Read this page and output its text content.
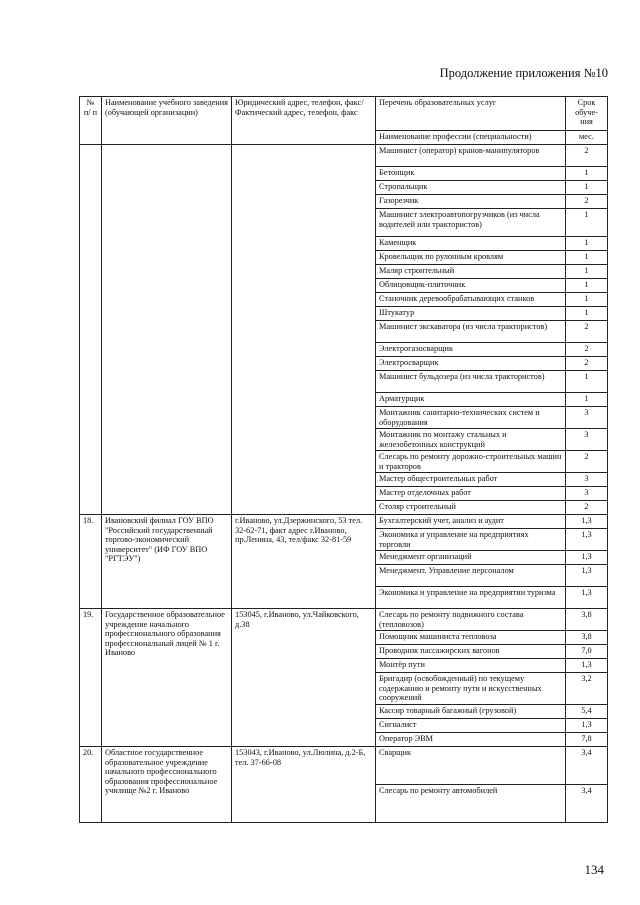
Продолжение приложения №10
№ п/ п	Наименование учебного заведения (обучающей организации)	Юридический адрес, телефон, факс/ Фактический адрес, телефон, факс	Перечень образовательных услуг	Срок обуче- ния
			Наименование профессии (специальности)	мес.
			Машинист (оператор) кранов-манипуляторов	2
			Бетонщик	1
			Стропальщик	1
			Газорезчик	2
			Машинист электроавтопогрузчиков (из числа водителей или трактористов)	1
			Каменщик	1
			Кровельщик по рулонным кровлям	1
			Маляр строительный	1
			Облицовщик-плиточник	1
			Станочник деревообрабатывающих станков	1
			Штукатур	1
			Машинист экскаватора (из числа трактористов)	2
			Электрогазосварщик	2
			Электросварщик	2
			Машинист бульдозера (из числа трактористов)	1
			Арматурщик	1
			Монтажник санитарно-технических систем и оборудования	3
			Монтажник по монтажу стальных и железобетонных конструкций	3
			Слесарь по ремонту дорожно-строительных машин и тракторов	2
			Мастер общестроительных работ	3
			Мастер отделочных работ	3
			Столяр строительный	2
18.	Ивановский филиал ГОУ ВПО "Российский государственный торгово-экономический университет" (ИФ ГОУ ВПО "РГТЭУ")	г.Иваново, ул.Дзержинского, 53 тел. 32-62-71, факт адрес г.Иваново, пр.Ленина, 43, тел/факс 32-81-59	Бухгалтерский учет, анализ и аудит	1,3
			Экономика и управление на предприятиях торговли	1,3
			Менеджмент организаций	1,3
			Менеджмент. Управление персоналом	1,3
			Экономика и управление на предприятии туризма	1,3
19.	Государственное образовательное учреждение начального профессионального образования профессиональный лицей № 1 г. Иваново	153045, г.Иваново, ул.Чайковского, д.38	Слесарь по ремонту подвижного состава (тепловозов)	3,8
			Помощник машиниста тепловоза	3,8
			Проводник пассажирских вагонов	7,0
			Монтёр пути	1,3
			Бригадир (освобожденный) по текущему содержанию и ремонту пути и искусственных сооружений	3,2
			Кассир товарный багажный (грузовой)	5,4
			Сигналист	1,3
			Оператор ЭВМ	7,8
20.	Областное государственное образовательное учреждение начального профессионального образования профессиональное училище №2 г. Иваново	153043, г.Иваново, ул.Люлина, д.2-Б, тел. 37-66-08	Сварщик	3,4
			Слесарь по ремонту автомобилей	3,4
134
